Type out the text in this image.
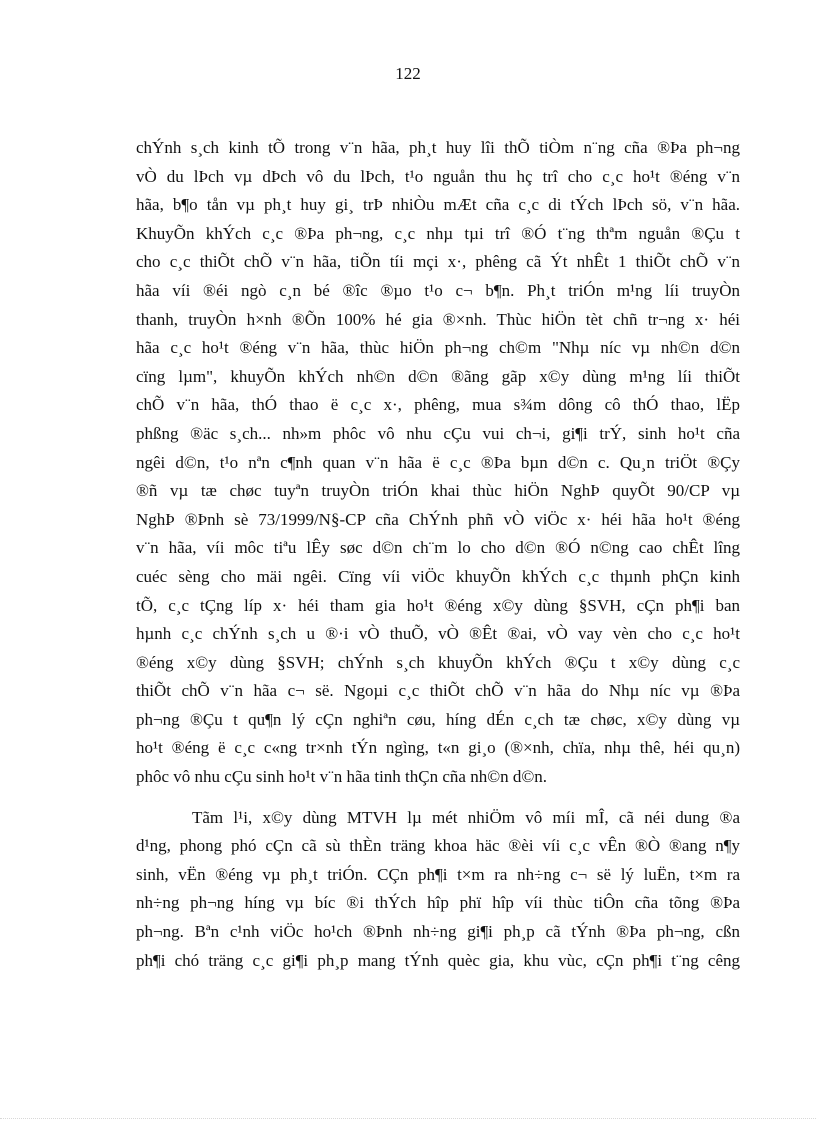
122
chÝnh s¸ch kinh tÕ trong v¨n hãa, ph¸t huy lîi thÕ tiÒm n¨ng cña ®Þa ph¬ng
vÒ du lÞch vµ dÞch vô du lÞch, t¹o nguån thu hç trî cho c¸c ho¹t ®éng v¨n
hãa, b¶o tån vµ ph¸t huy gi¸ trÞ nhiÒu mÆt cña c¸c di tÝch lÞch sö, v¨n hãa.
KhuyÕn khÝch c¸c ®Þa ph¬ng, c¸c nhµ tµi trî ®Ó t¨ng thªm nguån ®Çu t
cho c¸c thiÕt chÕ v¨n hãa, tiÕn tíi mçi x·, phêng cã Ýt nhÊt 1 thiÕt chÕ v¨n
hãa víi ®éi ngò c¸n bé ®îc ®µo t¹o c¬ b¶n. Ph¸t triÓn m¹ng líi truyÒn
thanh, truyÒn h×nh ®Õn 100% hé gia ®×nh. Thùc hiÖn tèt chñ tr¬ng x· héi
hãa c¸c ho¹t ®éng v¨n hãa, thùc hiÖn ph¬ng ch©m "Nhµ níc vµ nh©n d©n
cïng lµm", khuyÕn khÝch nh©n d©n ®ãng gãp x©y dùng m¹ng líi thiÕt
chÕ v¨n hãa, thÓ thao ë c¸c x·, phêng, mua s¾m dông cô thÓ thao, lËp
phßng ®äc s¸ch... nh»m phôc vô nhu cÇu vui ch¬i, gi¶i trÝ, sinh ho¹t cña
ngêi d©n, t¹o nªn c¶nh quan v¨n hãa ë c¸c ®Þa bµn d©n c. Qu¸n triÖt ®Çy
®ñ vµ tæ chøc tuyªn truyÒn triÓn khai thùc hiÖn NghÞ quyÕt 90/CP vµ
NghÞ ®Þnh sè 73/1999/N§-CP cña ChÝnh phñ vÒ viÖc x· héi hãa ho¹t ®éng
v¨n hãa, víi môc tiªu lÊy søc d©n ch¨m lo cho d©n ®Ó n©ng cao chÊt lîng
cuéc sèng cho mäi ngêi. Cïng víi viÖc khuyÕn khÝch c¸c thµnh phÇn kinh
tÕ, c¸c tÇng líp x· héi tham gia ho¹t ®éng x©y dùng §SVH, cÇn ph¶i ban
hµnh c¸c chÝnh s¸ch u ®·i vÒ thuÕ, vÒ ®Êt ®ai, vÒ vay vèn cho c¸c ho¹t
®éng x©y dùng §SVH; chÝnh s¸ch khuyÕn khÝch ®Çu t x©y dùng c¸c
thiÕt chÕ v¨n hãa c¬ së. Ngoµi c¸c thiÕt chÕ v¨n hãa do Nhµ níc vµ ®Þa
ph¬ng ®Çu t qu¶n lý cÇn nghiªn cøu, híng dÉn c¸ch tæ chøc, x©y dùng vµ
ho¹t ®éng ë c¸c c«ng tr×nh tÝn ngìng, t«n gi¸o (®×nh, chïa, nhµ thê, héi qu¸n)
phôc vô nhu cÇu sinh ho¹t v¨n hãa tinh thÇn cña nh©n d©n.
Tãm l¹i, x©y dùng MTVH lµ mét nhiÖm vô míi mÎ, cã néi dung ®a
d¹ng, phong phó cÇn cã sù thÈn träng khoa häc ®èi víi c¸c vÊn ®Ò ®ang n¶y
sinh, vËn ®éng vµ ph¸t triÓn. CÇn ph¶i t×m ra nh÷ng c¬ së lý luËn, t×m ra
nh÷ng ph¬ng híng vµ bíc ®i thÝch hîp phï hîp víi thùc tiÔn cña tõng ®Þa
ph¬ng. Bªn c¹nh viÖc ho¹ch ®Þnh nh÷ng gi¶i ph¸p cã tÝnh ®Þa ph¬ng, cßn
ph¶i chó träng c¸c gi¶i ph¸p mang tÝnh quèc gia, khu vùc, cÇn ph¶i t¨ng cêng
